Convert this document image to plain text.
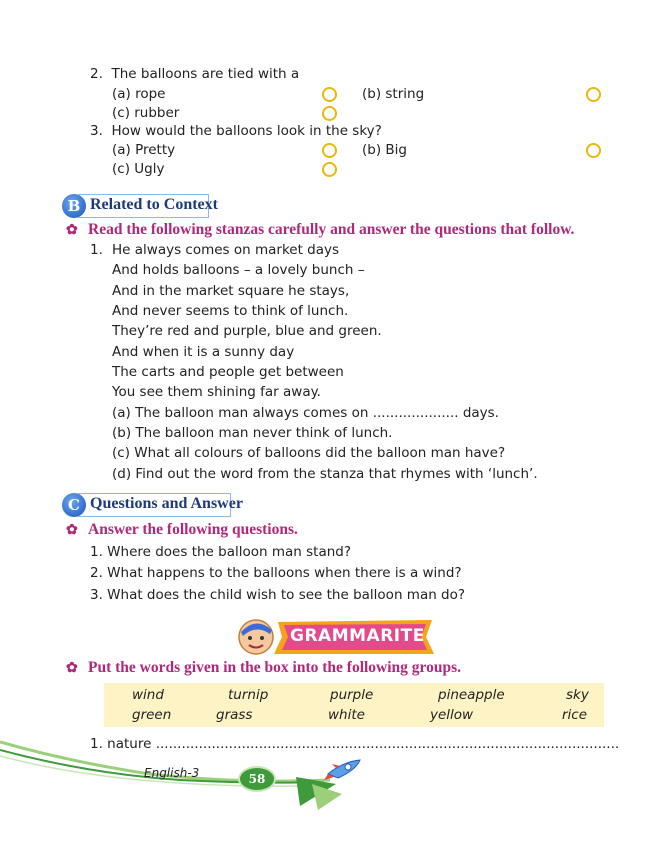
2. The balloons are tied with a
(a) rope	(b) string
(c) rubber
3. How would the balloons look in the sky?
(a) Pretty	(b) Big
(c) Ugly
B Related to Context
✿ Read the following stanzas carefully and answer the questions that follow.
1. He always comes on market days
And holds balloons – a lovely bunch –
And in the market square he stays,
And never seems to think of lunch.
They’re red and purple, blue and green.
And when it is a sunny day
The carts and people get between
You see them shining far away.
(a) The balloon man always comes on .................... days.
(b) The balloon man never think of lunch.
(c) What all colours of balloons did the balloon man have?
(d) Find out the word from the stanza that rhymes with ‘lunch’.
C Questions and Answer
✿ Answer the following questions.
1. Where does the balloon man stand?
2. What happens to the balloons when there is a wind?
3. What does the child wish to see the balloon man do?
GRAMMARITE
✿ Put the words given in the box into the following groups.
wind	turnip	purple	pineapple	sky
green	grass	white	yellow	rice
1. nature ............................................................................................................
English-3	58
